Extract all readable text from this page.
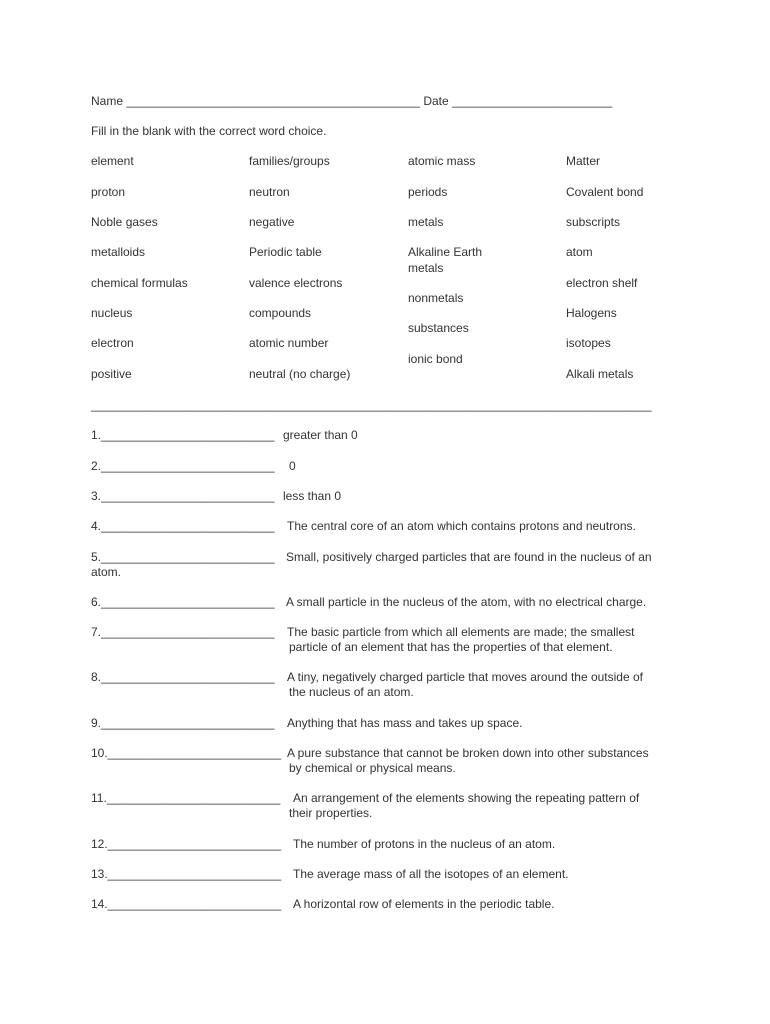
Name ____________________________________________ Date ________________________
Fill in the blank with the correct word choice.
element
proton
Noble gases
metalloids
chemical formulas
nucleus
electron
positive
families/groups
neutron
negative
Periodic table
valence electrons
compounds
atomic number
neutral (no charge)
atomic mass
periods
metals
Alkaline Earth
metals
nonmetals
substances
ionic bond
Matter
Covalent bond
subscripts
atom
electron shelf
Halogens
isotopes
Alkali metals
____________________________________________________________________________________
1.__________________________ greater than 0
2.__________________________ 0
3.__________________________ less than 0
4.__________________________ The central core of an atom which contains protons and neutrons.
5.__________________________ Small, positively charged particles that are found in the nucleus of an
atom.
6.__________________________ A small particle in the nucleus of the atom, with no electrical charge.
7.__________________________ The basic particle from which all elements are made; the smallest
particle of an element that has the properties of that element.
8.__________________________ A tiny, negatively charged particle that moves around the outside of
the nucleus of an atom.
9.__________________________ Anything that has mass and takes up space.
10.__________________________ A pure substance that cannot be broken down into other substances
by chemical or physical means.
11.__________________________ An arrangement of the elements showing the repeating pattern of
their properties.
12.__________________________ The number of protons in the nucleus of an atom.
13.__________________________ The average mass of all the isotopes of an element.
14.__________________________ A horizontal row of elements in the periodic table.
